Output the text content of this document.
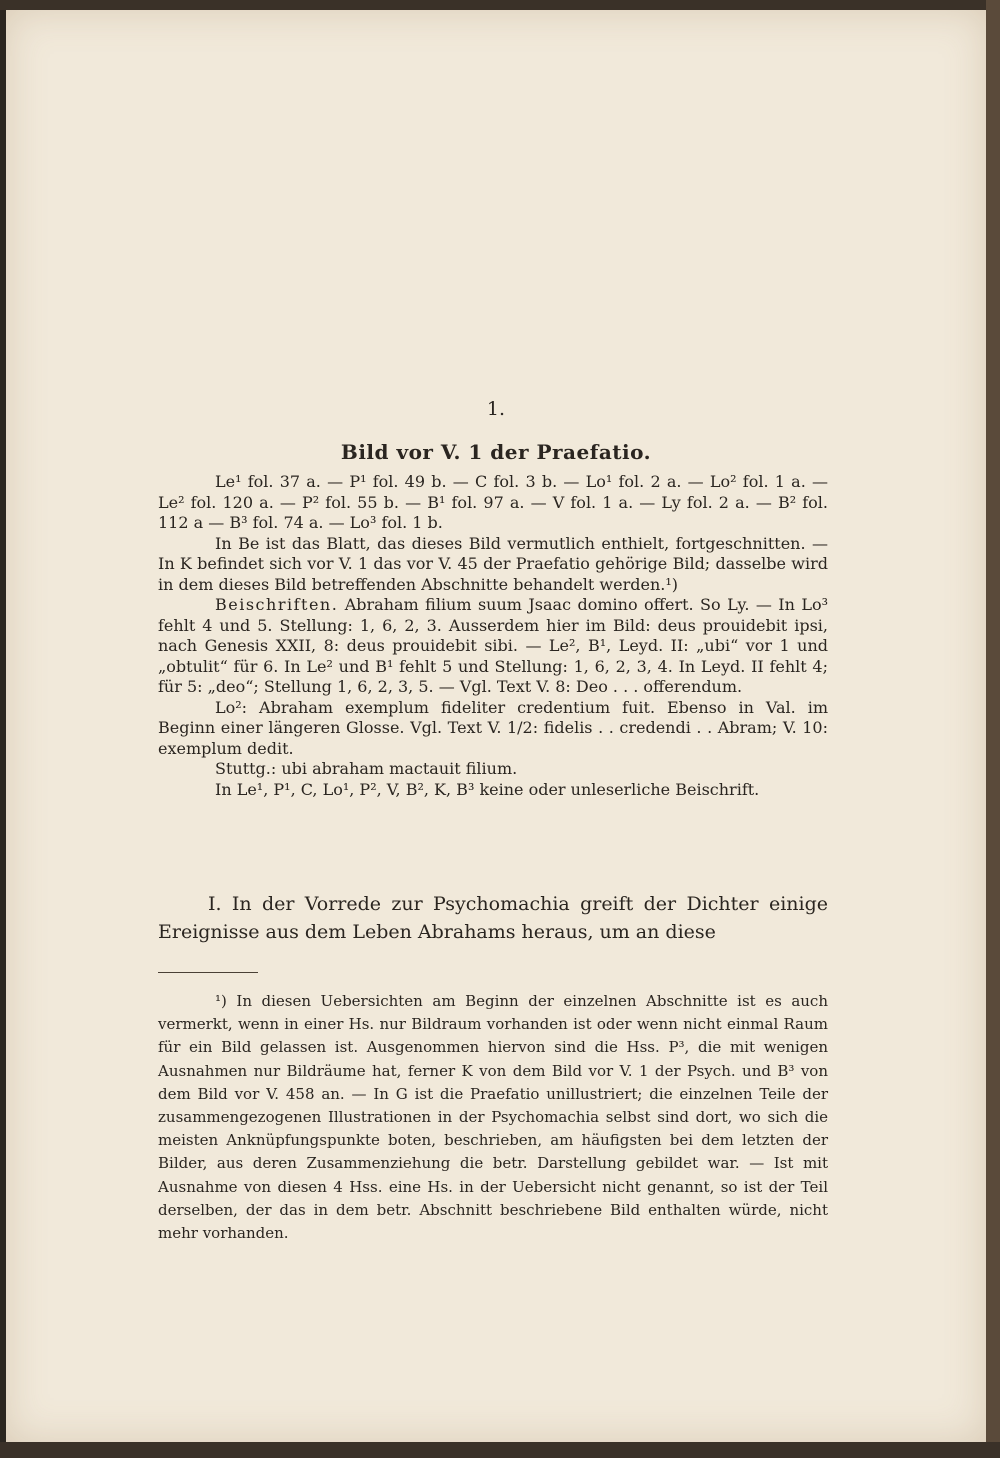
1.
Bild vor V. 1 der Praefatio.

Le¹ fol. 37 a. — P¹ fol. 49 b. — C fol. 3 b. — Lo¹ fol. 2 a. — Lo² fol. 1 a. — Le² fol. 120 a. — P² fol. 55 b. — B¹ fol. 97 a. — V fol. 1 a. — Ly fol. 2 a. — B² fol. 112 a — B³ fol. 74 a. — Lo³ fol. 1 b.

In Be ist das Blatt, das dieses Bild vermutlich enthielt, fortgeschnitten. — In K befindet sich vor V. 1 das vor V. 45 der Praefatio gehörige Bild; dasselbe wird in dem dieses Bild betreffenden Abschnitte behandelt werden.¹)

Beischriften. Abraham filium suum Jsaac domino offert. So Ly. — In Lo³ fehlt 4 und 5. Stellung: 1, 6, 2, 3. Ausserdem hier im Bild: deus prouidebit ipsi, nach Genesis XXII, 8: deus prouidebit sibi. — Le², B¹, Leyd. II: „ubi“ vor 1 und „obtulit“ für 6. In Le² und B¹ fehlt 5 und Stellung: 1, 6, 2, 3, 4. In Leyd. II fehlt 4; für 5: „deo“; Stellung 1, 6, 2, 3, 5. — Vgl. Text V. 8: Deo . . . offerendum.

Lo²: Abraham exemplum fideliter credentium fuit. Ebenso in Val. im Beginn einer längeren Glosse. Vgl. Text V. 1/2: fidelis . . credendi . . Abram; V. 10: exemplum dedit.

Stuttg.: ubi abraham mactauit filium.

In Le¹, P¹, C, Lo¹, P², V, B², K, B³ keine oder unleserliche Beischrift.

I. In der Vorrede zur Psychomachia greift der Dichter einige Ereignisse aus dem Leben Abrahams heraus, um an diese

¹) In diesen Uebersichten am Beginn der einzelnen Abschnitte ist es auch vermerkt, wenn in einer Hs. nur Bildraum vorhanden ist oder wenn nicht einmal Raum für ein Bild gelassen ist. Ausgenommen hiervon sind die Hss. P³, die mit wenigen Ausnahmen nur Bildräume hat, ferner K von dem Bild vor V. 1 der Psych. und B³ von dem Bild vor V. 458 an. — In G ist die Praefatio unillustriert; die einzelnen Teile der zusammengezogenen Illustrationen in der Psychomachia selbst sind dort, wo sich die meisten Anknüpfungspunkte boten, beschrieben, am häufigsten bei dem letzten der Bilder, aus deren Zusammenziehung die betr. Darstellung gebildet war. — Ist mit Ausnahme von diesen 4 Hss. eine Hs. in der Uebersicht nicht genannt, so ist der Teil derselben, der das in dem betr. Abschnitt beschriebene Bild enthalten würde, nicht mehr vorhanden.
